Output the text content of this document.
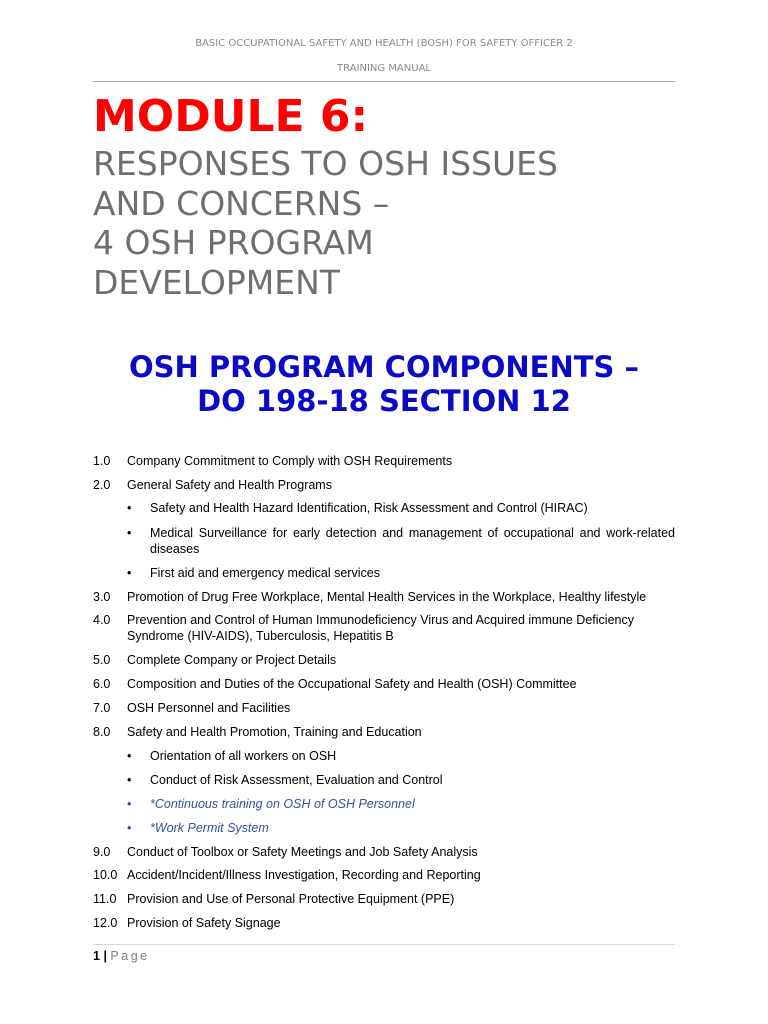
BASIC OCCUPATIONAL SAFETY AND HEALTH (BOSH) FOR SAFETY OFFICER 2
TRAINING MANUAL
MODULE 6:
RESPONSES TO OSH ISSUES
AND CONCERNS –
4 OSH PROGRAM
DEVELOPMENT
OSH PROGRAM COMPONENTS –
DO 198-18 SECTION 12
1.0 Company Commitment to Comply with OSH Requirements
2.0 General Safety and Health Programs
• Safety and Health Hazard Identification, Risk Assessment and Control (HIRAC)
• Medical Surveillance for early detection and management of occupational and work-related diseases
• First aid and emergency medical services
3.0 Promotion of Drug Free Workplace, Mental Health Services in the Workplace, Healthy lifestyle
4.0 Prevention and Control of Human Immunodeficiency Virus and Acquired immune Deficiency Syndrome (HIV-AIDS), Tuberculosis, Hepatitis B
5.0 Complete Company or Project Details
6.0 Composition and Duties of the Occupational Safety and Health (OSH) Committee
7.0 OSH Personnel and Facilities
8.0 Safety and Health Promotion, Training and Education
• Orientation of all workers on OSH
• Conduct of Risk Assessment, Evaluation and Control
• *Continuous training on OSH of OSH Personnel
• *Work Permit System
9.0 Conduct of Toolbox or Safety Meetings and Job Safety Analysis
10.0 Accident/Incident/Illness Investigation, Recording and Reporting
11.0 Provision and Use of Personal Protective Equipment (PPE)
12.0 Provision of Safety Signage
1 | Page
